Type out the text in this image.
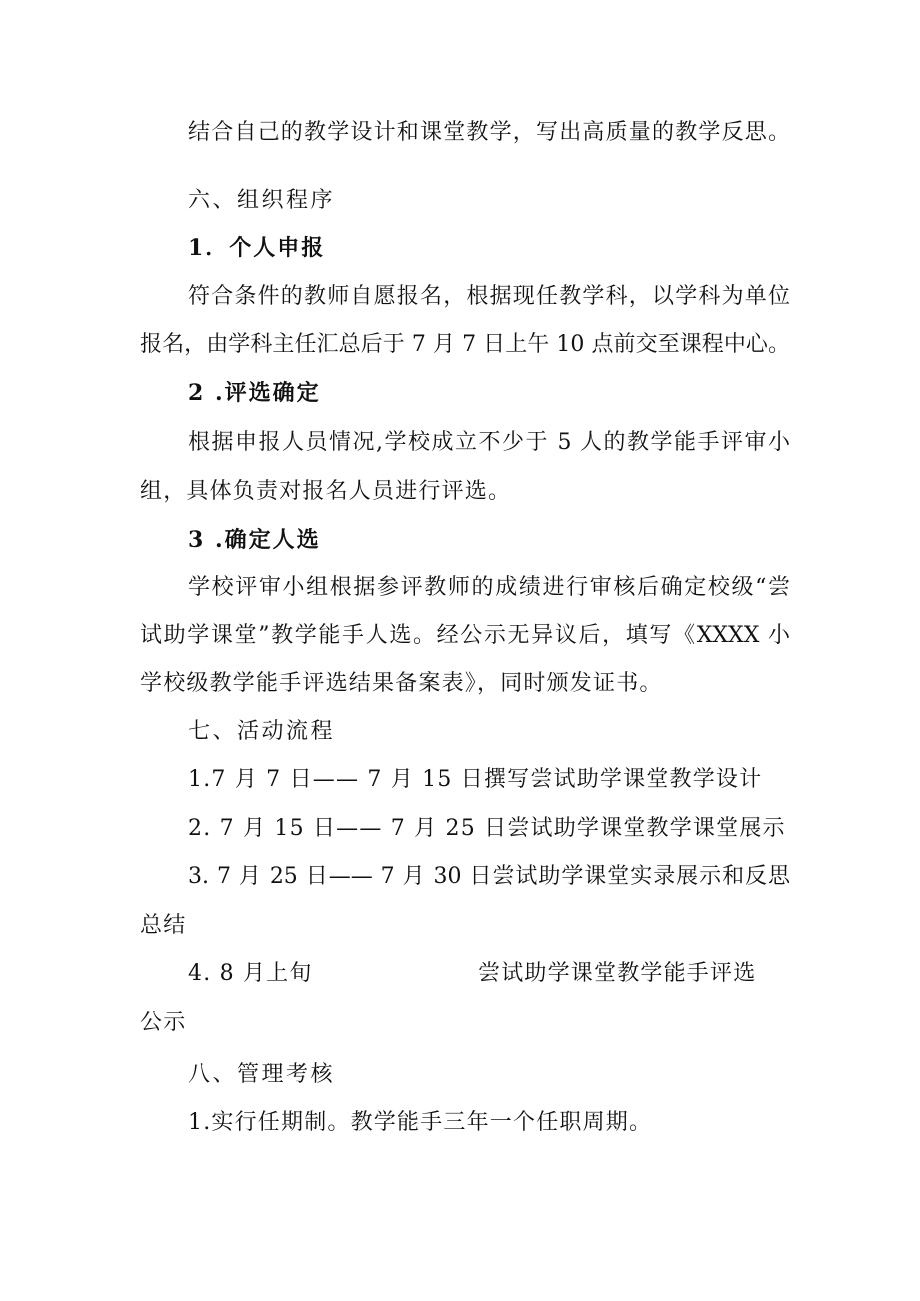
结合自己的教学设计和课堂教学，写出高质量的教学反思。
六、组织程序
1．个人申报
符合条件的教师自愿报名，根据现任教学科，以学科为单位
报名，由学科主任汇总后于 7 月 7 日上午 10 点前交至课程中心。
2 .评选确定
根据申报人员情况,学校成立不少于 5 人的教学能手评审小
组，具体负责对报名人员进行评选。
3 .确定人选
学校评审小组根据参评教师的成绩进行审核后确定校级“尝
试助学课堂”教学能手人选。经公示无异议后，填写《XXXX 小
学校级教学能手评选结果备案表》，同时颁发证书。
七、活动流程
1.7 月 7 日—— 7 月 15 日撰写尝试助学课堂教学设计
2. 7 月 15 日—— 7 月 25 日尝试助学课堂教学课堂展示
3. 7 月 25 日—— 7 月 30 日尝试助学课堂实录展示和反思
总结
4. 8 月上旬	尝试助学课堂教学能手评选
公示
八、管理考核
1.实行任期制。教学能手三年一个任职周期。
